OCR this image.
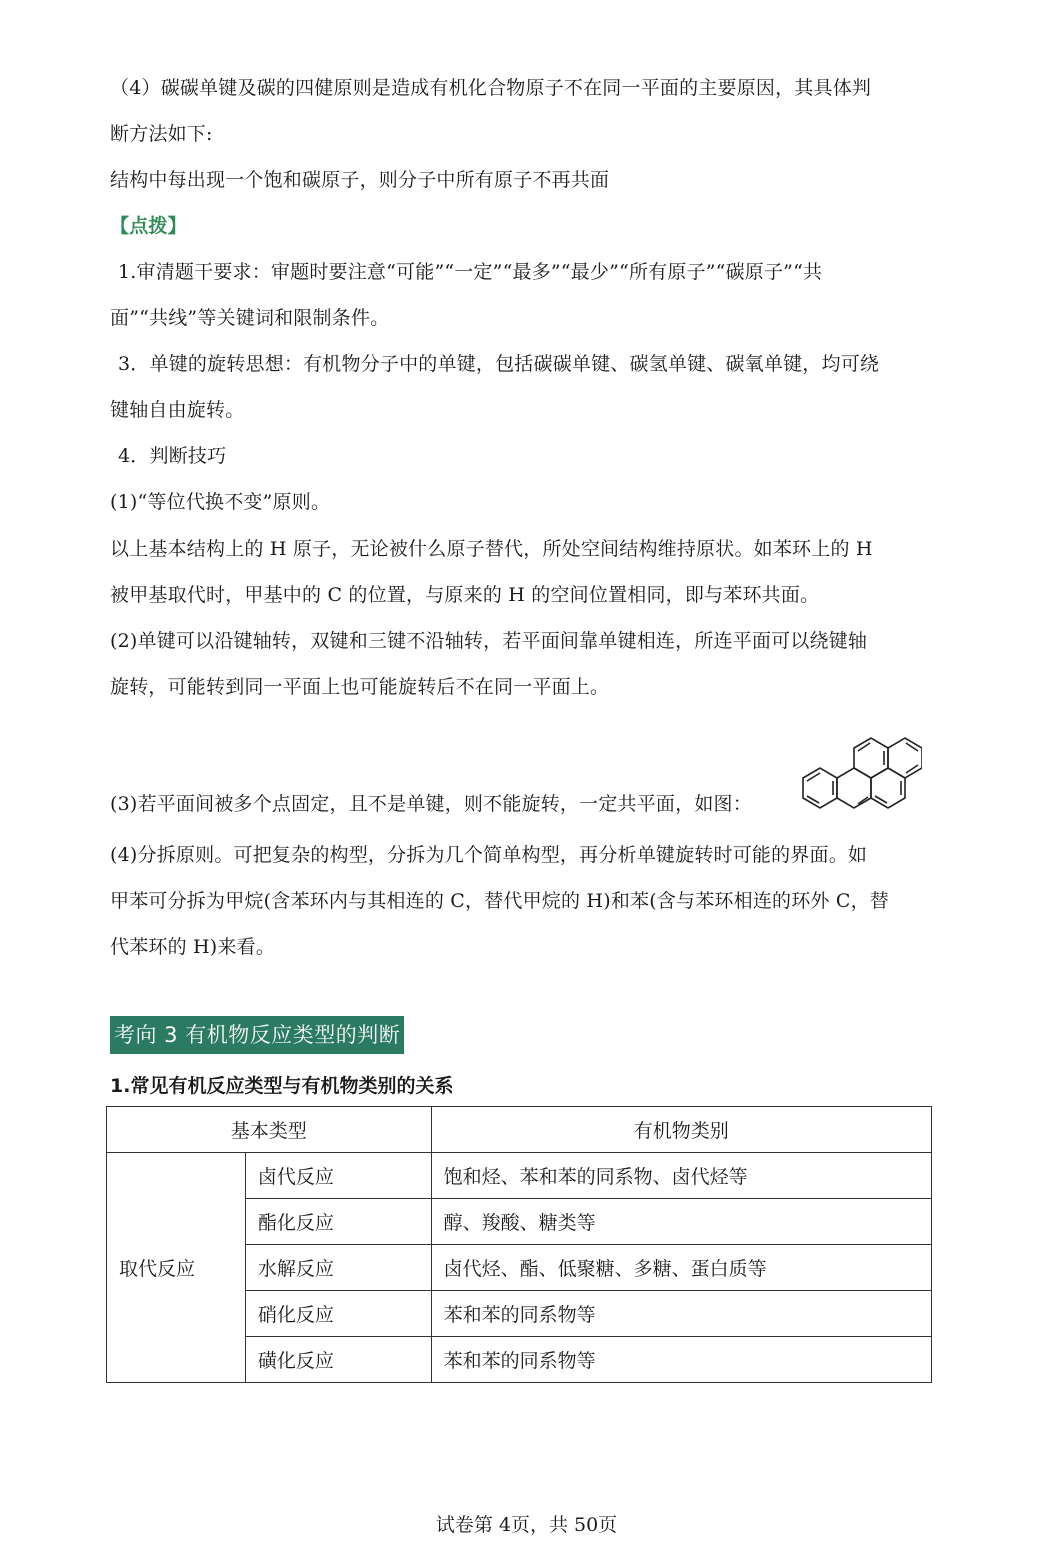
（4）碳碳单键及碳的四健原则是造成有机化合物原子不在同一平面的主要原因，其具体判
断方法如下:
结构中每出现一个饱和碳原子，则分子中所有原子不再共面
【点拨】
1.审清题干要求：审题时要注意“可能”“一定”“最多”“最少”“所有原子”“碳原子”“共
面”“共线”等关键词和限制条件。
3．单键的旋转思想：有机物分子中的单键，包括碳碳单键、碳氢单键、碳氧单键，均可绕
键轴自由旋转。
4．判断技巧
(1)“等位代换不变”原则。
以上基本结构上的 H 原子，无论被什么原子替代，所处空间结构维持原状。如苯环上的 H
被甲基取代时，甲基中的 C 的位置，与原来的 H 的空间位置相同，即与苯环共面。
(2)单键可以沿键轴转，双键和三键不沿轴转，若平面间靠单键相连，所连平面可以绕键轴
旋转，可能转到同一平面上也可能旋转后不在同一平面上。
(3)若平面间被多个点固定，且不是单键，则不能旋转，一定共平面，如图：
(4)分拆原则。可把复杂的构型，分拆为几个简单构型，再分析单键旋转时可能的界面。如
甲苯可分拆为甲烷(含苯环内与其相连的 C，替代甲烷的 H)和苯(含与苯环相连的环外 C，替
代苯环的 H)来看。
考向 3 有机物反应类型的判断
1.常见有机反应类型与有机物类别的关系
基本类型		有机物类别
取代反应	卤代反应	饱和烃、苯和苯的同系物、卤代烃等
	酯化反应	醇、羧酸、糖类等
	水解反应	卤代烃、酯、低聚糖、多糖、蛋白质等
	硝化反应	苯和苯的同系物等
	磺化反应	苯和苯的同系物等
试卷第 4页，共 50页
